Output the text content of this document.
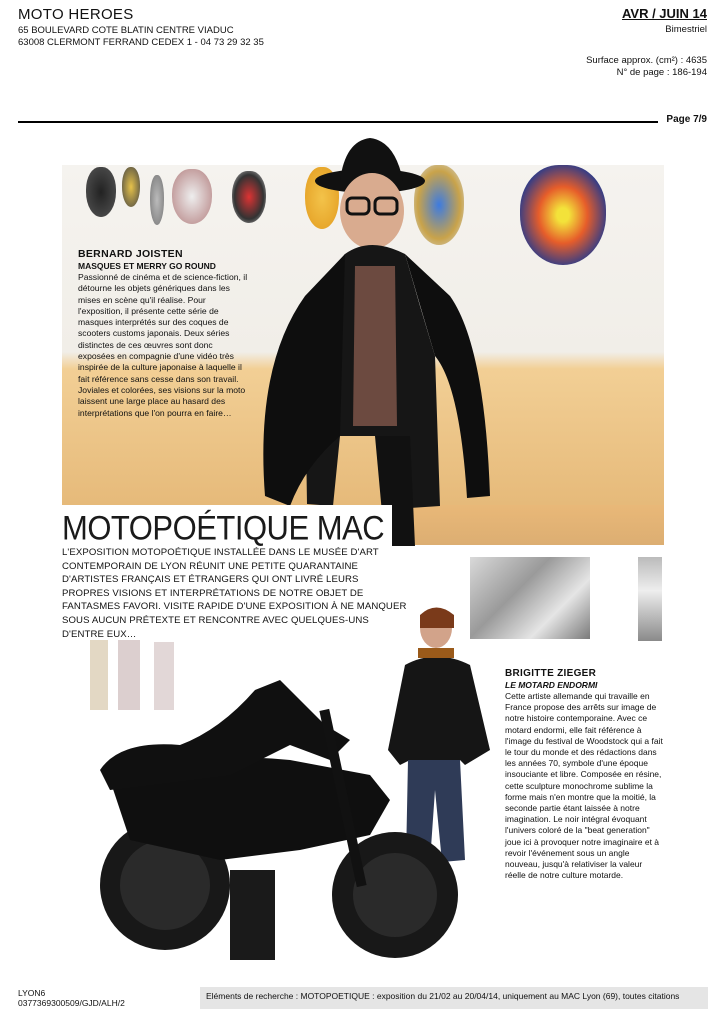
MOTO HEROES
65 BOULEVARD COTE BLATIN CENTRE VIADUC
63008 CLERMONT FERRAND CEDEX 1 - 04 73 29 32 35
AVR / JUIN 14
Bimestriel
Surface approx. (cm²) : 4635
N° de page : 186-194
Page 7/9
BERNARD JOISTEN
MASQUES ET MERRY GO ROUND
Passionné de cinéma et de science-fiction, il détourne les objets génériques dans les mises en scène qu'il réalise. Pour l'exposition, il présente cette série de masques interprétés sur des coques de scooters customs japonais. Deux séries distinctes de ces œuvres sont donc exposées en compagnie d'une vidéo très inspirée de la culture japonaise à laquelle il fait référence sans cesse dans son travail. Joviales et colorées, ses visions sur la moto laissent une large place au hasard des interprétations que l'on pourra en faire…
MOTOPOÉTIQUE MAC
L'EXPOSITION MOTOPOÉTIQUE INSTALLÉE DANS LE MUSÉE D'ART CONTEMPORAIN DE LYON RÉUNIT UNE PETITE QUARANTAINE D'ARTISTES FRANÇAIS ET ÉTRANGERS QUI ONT LIVRÉ LEURS PROPRES VISIONS ET INTERPRÉTATIONS DE NOTRE OBJET DE FANTASMES FAVORI. VISITE RAPIDE D'UNE EXPOSITION À NE MANQUER SOUS AUCUN PRÉTEXTE ET RENCONTRE AVEC QUELQUES-UNS D'ENTRE EUX…
BRIGITTE ZIEGER
LE MOTARD ENDORMI
Cette artiste allemande qui travaille en France propose des arrêts sur image de notre histoire contemporaine. Avec ce motard endormi, elle fait référence à l'image du festival de Woodstock qui a fait le tour du monde et des rédactions dans les années 70, symbole d'une époque insouciante et libre. Composée en résine, cette sculpture monochrome sublime la forme mais n'en montre que la moitié, la seconde partie étant laissée à notre imagination. Le noir intégral évoquant l'univers coloré de la "beat generation" joue ici à provoquer notre imaginaire et à revoir l'événement sous un angle nouveau, jusqu'à relativiser la valeur réelle de notre culture motarde.
LYON6
0377369300509/GJD/ALH/2
Eléments de recherche : MOTOPOETIQUE : exposition du 21/02 au 20/04/14, uniquement au MAC Lyon (69), toutes citations
